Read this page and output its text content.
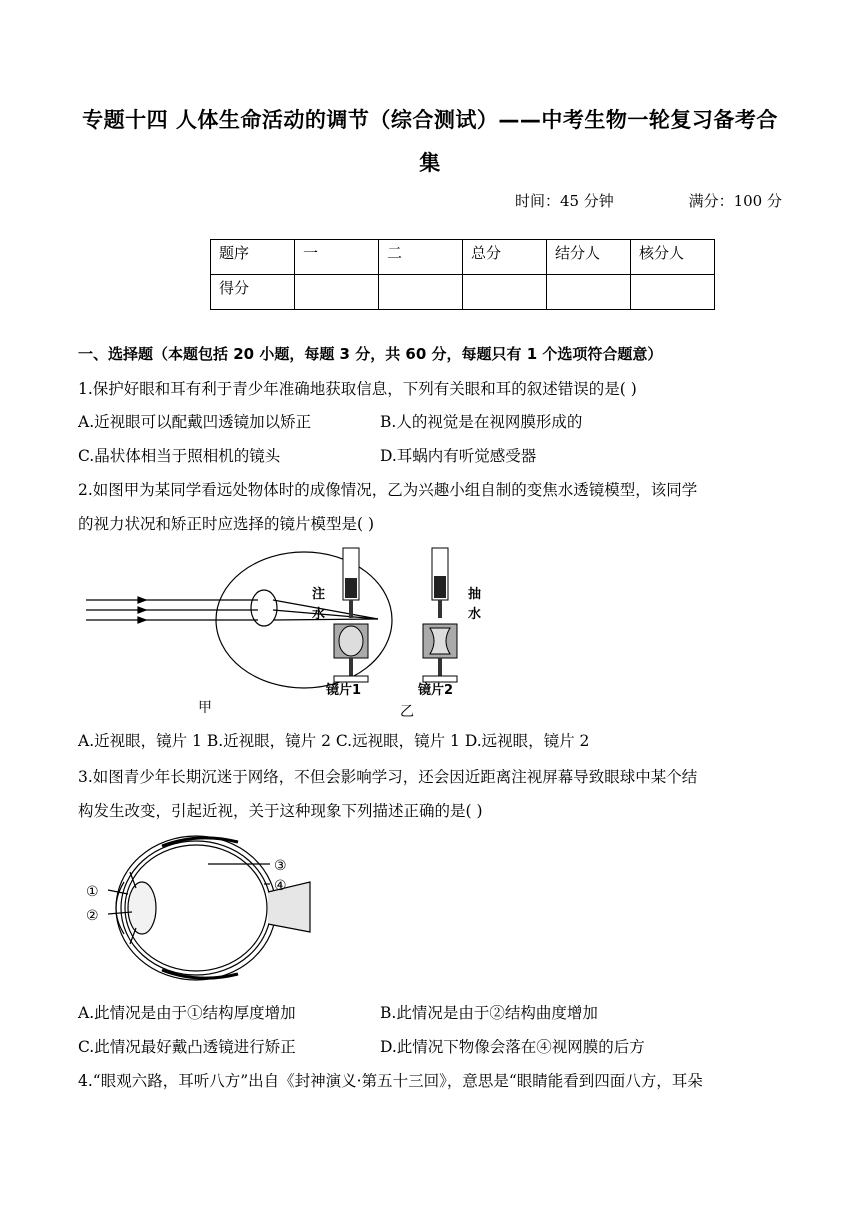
专题十四 人体生命活动的调节（综合测试）——中考生物一轮复习备考合
集
时间：45 分钟	满分：100 分
题序	一	二	总分	结分人	核分人
得分					
一、选择题（本题包括 20 小题，每题 3 分，共 60 分，每题只有 1 个选项符合题意）
1.保护好眼和耳有利于青少年准确地获取信息，下列有关眼和耳的叙述错误的是( )
A.近视眼可以配戴凹透镜加以矫正	B.人的视觉是在视网膜形成的
C.晶状体相当于照相机的镜头	D.耳蜗内有听觉感受器
2.如图甲为某同学看远处物体时的成像情况，乙为兴趣小组自制的变焦水透镜模型，该同学
的视力状况和矫正时应选择的镜片模型是( )
甲
注
水
镜片1
抽
水
镜片2
乙
A.近视眼，镜片 1 B.近视眼，镜片 2 C.远视眼，镜片 1 D.远视眼，镜片 2
3.如图青少年长期沉迷于网络，不但会影响学习，还会因近距离注视屏幕导致眼球中某个结
构发生改变，引起近视，关于这种现象下列描述正确的是( )
①
②
③
④
A.此情况是由于①结构厚度增加	B.此情况是由于②结构曲度增加
C.此情况最好戴凸透镜进行矫正	D.此情况下物像会落在④视网膜的后方
4.“眼观六路，耳听八方”出自《封神演义·第五十三回》，意思是“眼睛能看到四面八方，耳朵
